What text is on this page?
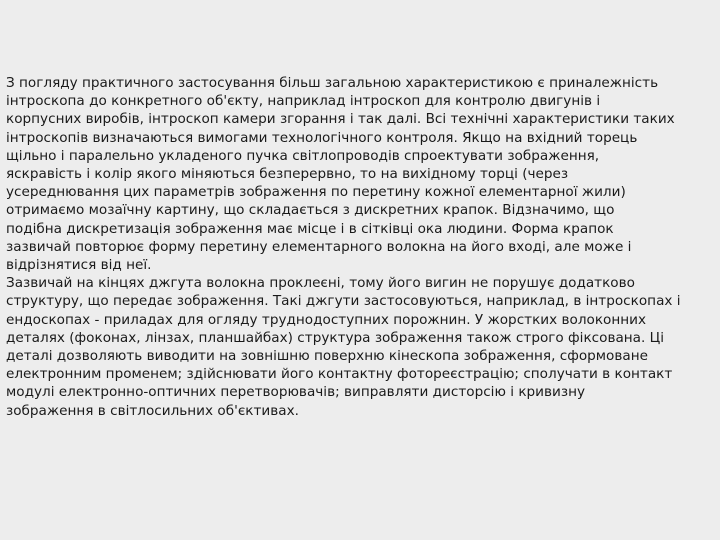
З погляду практичного застосування більш загальною характеристикою є приналежність
інтроскопа до конкретного об'єкту, наприклад інтроскоп для контролю двигунів і
корпусних виробів, інтроскоп камери згорання і так далі. Всі технічні характеристики таких
інтроскопів визначаються вимогами технологічного контроля. Якщо на вхідний торець
щільно і паралельно укладеного пучка світлопроводів спроектувати зображення,
яскравість і колір якого міняються безперервно, то на вихідному торці (через
усереднювання цих параметрів зображення по перетину кожної елементарної жили)
отримаємо мозаїчну картину, що складається з дискретних крапок. Відзначимо, що
подібна дискретизація зображення має місце і в сітківці ока людини. Форма крапок
зазвичай повторює форму перетину елементарного волокна на його вході, але може і
відрізнятися від неї.
Зазвичай на кінцях джгута волокна проклеєні, тому його вигин не порушує додатково
структуру, що передає зображення. Такі джгути застосовуються, наприклад, в інтроскопах і
ендоскопах - приладах для огляду труднодоступних порожнин. У жорстких волоконних
деталях (фоконах, лінзах, планшайбах) структура зображення також строго фіксована. Ці
деталі дозволяють виводити на зовнішню поверхню кінескопа зображення, сформоване
електронним променем; здійснювати його контактну фотореєстрацію; сполучати в контакт
модулі електронно-оптичних перетворювачів; виправляти дисторсію і кривизну
зображення в світлосильних об'єктивах.
